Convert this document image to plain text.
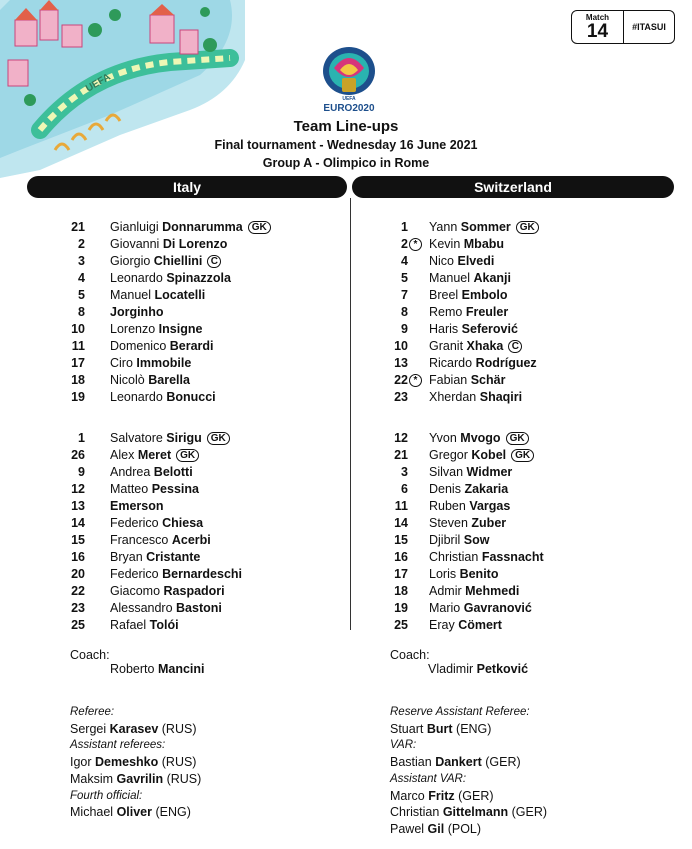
UEFA
Match
14	#ITASUI
UEFA
EURO2020
Team Line-ups
Final tournament - Wednesday 16 June 2021
Group A - Olimpico in Rome
Italy	Switzerland
21 Gianluigi Donnarumma GK
2 Giovanni Di Lorenzo
3 Giorgio Chiellini C
4 Leonardo Spinazzola
5 Manuel Locatelli
8 Jorginho
10 Lorenzo Insigne
11 Domenico Berardi
17 Ciro Immobile
18 Nicolò Barella
19 Leonardo Bonucci
1 Salvatore Sirigu GK
26 Alex Meret GK
9 Andrea Belotti
12 Matteo Pessina
13 Emerson
14 Federico Chiesa
15 Francesco Acerbi
16 Bryan Cristante
20 Federico Bernardeschi
22 Giacomo Raspadori
23 Alessandro Bastoni
25 Rafael Tolói
1 Yann Sommer GK
2 * Kevin Mbabu
4 Nico Elvedi
5 Manuel Akanji
7 Breel Embolo
8 Remo Freuler
9 Haris Seferović
10 Granit Xhaka C
13 Ricardo Rodríguez
22 * Fabian Schär
23 Xherdan Shaqiri
12 Yvon Mvogo GK
21 Gregor Kobel GK
3 Silvan Widmer
6 Denis Zakaria
11 Ruben Vargas
14 Steven Zuber
15 Djibril Sow
16 Christian Fassnacht
17 Loris Benito
18 Admir Mehmedi
19 Mario Gavranović
25 Eray Cömert
Coach:
Roberto Mancini
Coach:
Vladimir Petković
Referee:
Sergei Karasev (RUS)
Assistant referees:
Igor Demeshko (RUS)
Maksim Gavrilin (RUS)
Fourth official:
Michael Oliver (ENG)
Reserve Assistant Referee:
Stuart Burt (ENG)
VAR:
Bastian Dankert (GER)
Assistant VAR:
Marco Fritz (GER)
Christian Gittelmann (GER)
Pawel Gil (POL)
